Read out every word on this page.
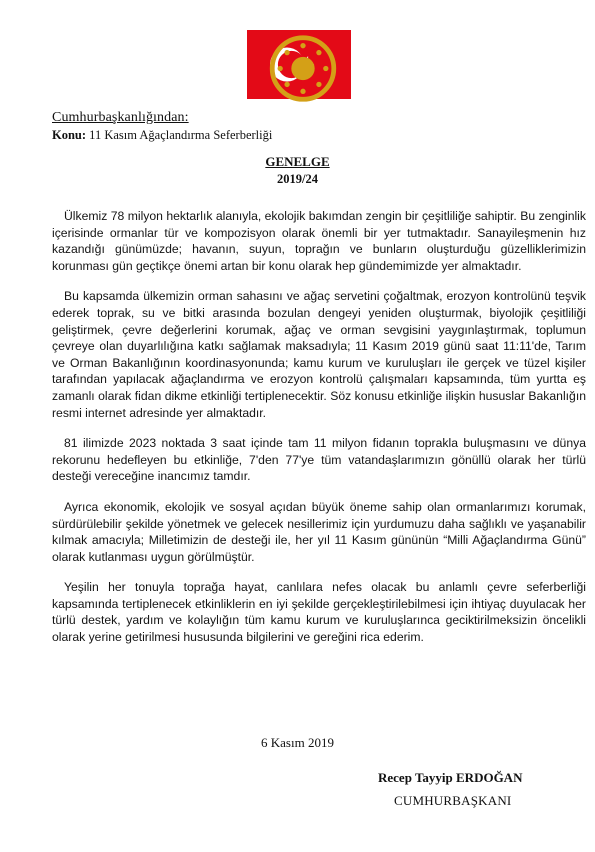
Cumhurbaşkanlığından:
Konu: 11 Kasım Ağaçlandırma Seferberliği
GENELGE
2019/24

Ülkemiz 78 milyon hektarlık alanıyla, ekolojik bakımdan zengin bir çeşitliliğe sahiptir. Bu zenginlik içerisinde ormanlar tür ve kompozisyon olarak önemli bir yer tutmaktadır. Sanayileşmenin hız kazandığı günümüzde; havanın, suyun, toprağın ve bunların oluşturduğu güzelliklerimizin korunması gün geçtikçe önemi artan bir konu olarak hep gündemimizde yer almaktadır.

Bu kapsamda ülkemizin orman sahasını ve ağaç servetini çoğaltmak, erozyon kontrolünü teşvik ederek toprak, su ve bitki arasında bozulan dengeyi yeniden oluşturmak, biyolojik çeşitliliği geliştirmek, çevre değerlerini korumak, ağaç ve orman sevgisini yaygınlaştırmak, toplumun çevreye olan duyarlılığına katkı sağlamak maksadıyla; 11 Kasım 2019 günü saat 11:11'de, Tarım ve Orman Bakanlığının koordinasyonunda; kamu kurum ve kuruluşları ile gerçek ve tüzel kişiler tarafından yapılacak ağaçlandırma ve erozyon kontrolü çalışmaları kapsamında, tüm yurtta eş zamanlı olarak fidan dikme etkinliği tertiplenecektir. Söz konusu etkinliğe ilişkin hususlar Bakanlığın resmi internet adresinde yer almaktadır.

81 ilimizde 2023 noktada 3 saat içinde tam 11 milyon fidanın toprakla buluşmasını ve dünya rekorunu hedefleyen bu etkinliğe, 7'den 77'ye tüm vatandaşlarımızın gönüllü olarak her türlü desteği vereceğine inancımız tamdır.

Ayrıca ekonomik, ekolojik ve sosyal açıdan büyük öneme sahip olan ormanlarımızı korumak, sürdürülebilir şekilde yönetmek ve gelecek nesillerimiz için yurdumuzu daha sağlıklı ve yaşanabilir kılmak amacıyla; Milletimizin de desteği ile, her yıl 11 Kasım gününün “Milli Ağaçlandırma Günü” olarak kutlanması uygun görülmüştür.

Yeşilin her tonuyla toprağa hayat, canlılara nefes olacak bu anlamlı çevre seferberliği kapsamında tertiplenecek etkinliklerin en iyi şekilde gerçekleştirilebilmesi için ihtiyaç duyulacak her türlü destek, yardım ve kolaylığın tüm kamu kurum ve kuruluşlarınca geciktirilmeksizin öncelikli olarak yerine getirilmesi hususunda bilgilerini ve gereğini rica ederim.

6 Kasım 2019
Recep Tayyip ERDOĞAN
CUMHURBAŞKANI
